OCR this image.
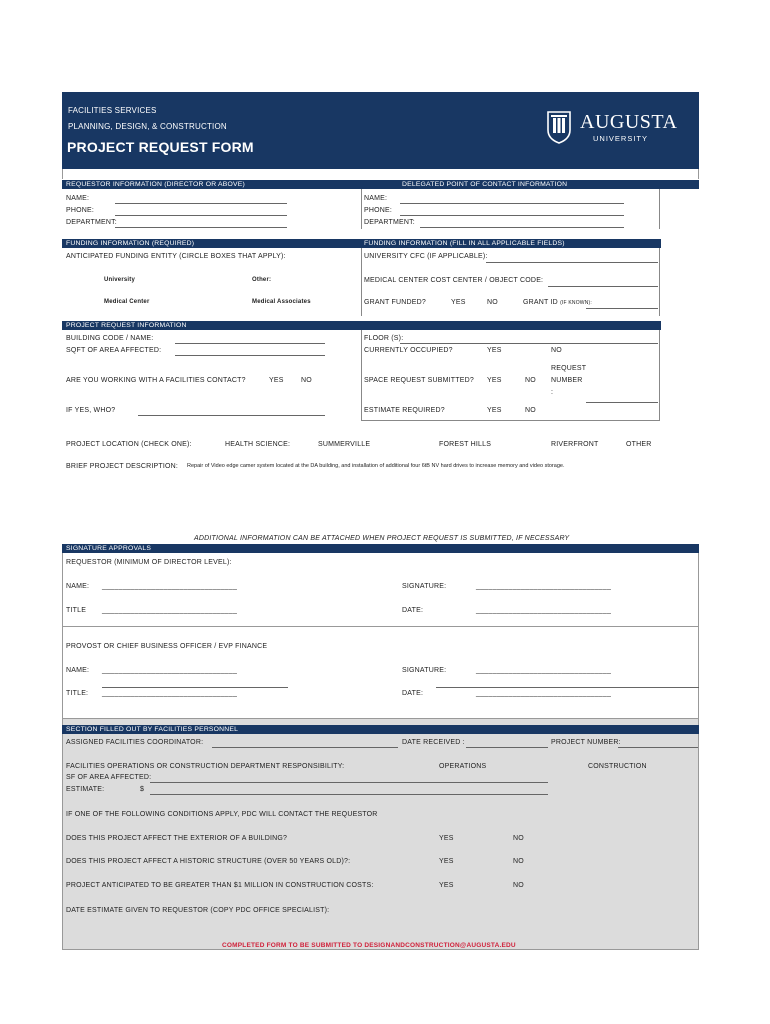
FACILITIES SERVICES
PLANNING, DESIGN, & CONSTRUCTION
PROJECT REQUEST FORM
AUGUSTA
UNIVERSITY
REQUESTOR INFORMATION (DIRECTOR OR ABOVE)	DELEGATED POINT OF CONTACT INFORMATION
NAME:
PHONE:
DEPARTMENT:
NAME:
PHONE:
DEPARTMENT:
FUNDING INFORMATION (REQUIRED)	FUNDING INFORMATION (FILL IN ALL APPLICABLE FIELDS)
ANTICIPATED FUNDING ENTITY (CIRCLE BOXES THAT APPLY):
University	Other:
Medical Center	Medical Associates
UNIVERSITY CFC (IF APPLICABLE):
MEDICAL CENTER COST CENTER / OBJECT CODE:
GRANT FUNDED?	YES	NO	GRANT ID (IF KNOWN):
PROJECT REQUEST INFORMATION
BUILDING CODE / NAME:
SQFT OF AREA AFFECTED:
ARE YOU WORKING WITH A FACILITIES CONTACT?	YES NO
IF YES, WHO?
FLOOR (S):
CURRENTLY OCCUPIED?	YES	NO
SPACE REQUEST SUBMITTED? YES	NO
REQUEST
NUMBER
:
ESTIMATE REQUIRED?	YES	NO
PROJECT LOCATION (CHECK ONE):	HEALTH SCIENCE:	SUMMERVILLE	FOREST HILLS	RIVERFRONT	OTHER
BRIEF PROJECT DESCRIPTION: Repair of Video edge camer system located at the DA building, and installation of additional four 6tB NV hard drives to increase memory and video storage.
ADDITIONAL INFORMATION CAN BE ATTACHED WHEN PROJECT REQUEST IS SUBMITTED, IF NECESSARY
SIGNATURE APPROVALS
REQUESTOR (MINIMUM OF DIRECTOR LEVEL):
NAME: _________________________________	SIGNATURE:	_________________________________
TITLE _________________________________	DATE:	_________________________________
PROVOST OR CHIEF BUSINESS OFFICER / EVP FINANCE
NAME: _________________________________	SIGNATURE:	_________________________________
TITLE: _________________________________	DATE:	_________________________________
SECTION FILLED OUT BY FACILITIES PERSONNEL
ASSIGNED FACILITIES COORDINATOR:	DATE RECEIVED :	PROJECT NUMBER:
FACILITIES OPERATIONS OR CONSTRUCTION DEPARTMENT RESPONSIBILITY:	OPERATIONS	CONSTRUCTION
SF OF AREA AFFECTED:
ESTIMATE:	$
IF ONE OF THE FOLLOWING CONDITIONS APPLY, PDC WILL CONTACT THE REQUESTOR
DOES THIS PROJECT AFFECT THE EXTERIOR OF A BUILDING?	YES	NO
DOES THIS PROJECT AFFECT A HISTORIC STRUCTURE (OVER 50 YEARS OLD)?:	YES	NO
PROJECT ANTICIPATED TO BE GREATER THAN $1 MILLION IN CONSTRUCTION COSTS:	YES	NO
DATE ESTIMATE GIVEN TO REQUESTOR (COPY PDC OFFICE SPECIALIST):
COMPLETED FORM TO BE SUBMITTED TO DESIGNANDCONSTRUCTION@AUGUSTA.EDU
